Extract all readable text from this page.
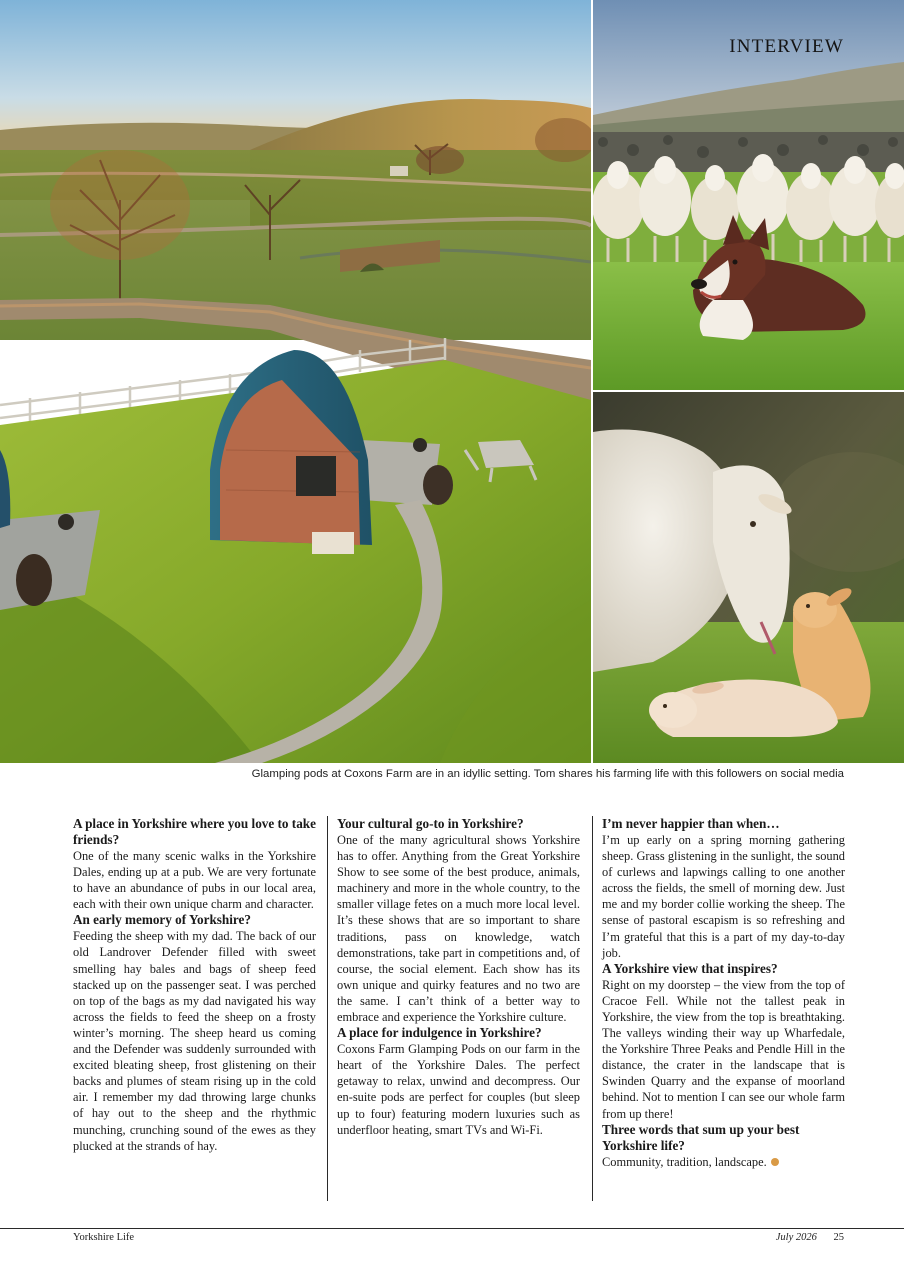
INTERVIEW
Glamping pods at Coxons Farm are in an idyllic setting. Tom shares his farming life with this followers on social media
A place in Yorkshire where you love to take friends?
One of the many scenic walks in the Yorkshire Dales, ending up at a pub. We are very fortunate to have an abundance of pubs in our local area, each with their own unique charm and character.
An early memory of Yorkshire?
Feeding the sheep with my dad. The back of our old Landrover Defender filled with sweet smelling hay bales and bags of sheep feed stacked up on the passenger seat. I was perched on top of the bags as my dad navigated his way across the fields to feed the sheep on a frosty winter’s morning. The sheep heard us coming and the Defender was suddenly surrounded with excited bleating sheep, frost glistening on their backs and plumes of steam rising up in the cold air. I remember my dad throwing large chunks of hay out to the sheep and the rhythmic munching, crunching sound of the ewes as they plucked at the strands of hay.
Your cultural go-to in Yorkshire?
One of the many agricultural shows Yorkshire has to offer. Anything from the Great Yorkshire Show to see some of the best produce, animals, machinery and more in the whole country, to the smaller village fetes on a much more local level. It’s these shows that are so important to share traditions, pass on knowledge, watch demonstrations, take part in competitions and, of course, the social element. Each show has its own unique and quirky features and no two are the same. I can’t think of a better way to embrace and experience the Yorkshire culture.
A place for indulgence in Yorkshire?
Coxons Farm Glamping Pods on our farm in the heart of the Yorkshire Dales. The perfect getaway to relax, unwind and decompress. Our en-suite pods are perfect for couples (but sleep up to four) featuring modern luxuries such as underfloor heating, smart TVs and Wi-Fi.
I’m never happier than when…
I’m up early on a spring morning gathering sheep. Grass glistening in the sunlight, the sound of curlews and lapwings calling to one another across the fields, the smell of morning dew. Just me and my border collie working the sheep. The sense of pastoral escapism is so refreshing and I’m grateful that this is a part of my day-to-day job.
A Yorkshire view that inspires?
Right on my doorstep – the view from the top of Cracoe Fell. While not the tallest peak in Yorkshire, the view from the top is breathtaking. The valleys winding their way up Wharfedale, the Yorkshire Three Peaks and Pendle Hill in the distance, the crater in the landscape that is Swinden Quarry and the expanse of moorland behind. Not to mention I can see our whole farm from up there!
Three words that sum up your best Yorkshire life?
Community, tradition, landscape.
Yorkshire Life	July 2026 25
